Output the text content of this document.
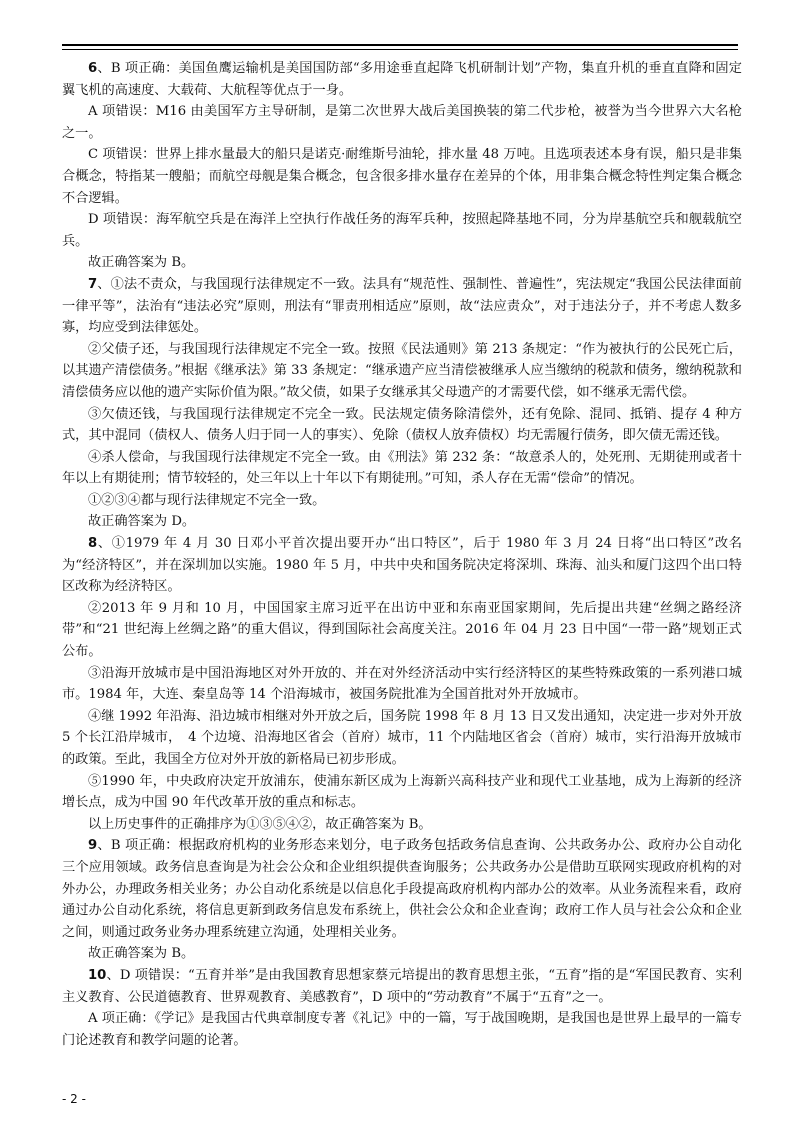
6、B 项正确：美国鱼鹰运输机是美国国防部“多用途垂直起降飞机研制计划”产物，集直升机的垂直直降和固定翼飞机的高速度、大载荷、大航程等优点于一身。

A 项错误：M16 由美国军方主导研制，是第二次世界大战后美国换装的第二代步枪，被誉为当今世界六大名枪之一。

C 项错误：世界上排水量最大的船只是诺克·耐维斯号油轮，排水量 48 万吨。且选项表述本身有误，船只是非集合概念，特指某一艘船；而航空母舰是集合概念，包含很多排水量存在差异的个体，用非集合概念特性判定集合概念不合逻辑。

D 项错误：海军航空兵是在海洋上空执行作战任务的海军兵种，按照起降基地不同，分为岸基航空兵和舰载航空兵。

故正确答案为 B。

7、①法不责众，与我国现行法律规定不一致。法具有“规范性、强制性、普遍性”，宪法规定“我国公民法律面前一律平等”，法治有“违法必究”原则，刑法有“罪责刑相适应”原则，故“法应责众”，对于违法分子，并不考虑人数多寡，均应受到法律惩处。

②父债子还，与我国现行法律规定不完全一致。按照《民法通则》第 213 条规定：“作为被执行的公民死亡后，以其遗产清偿债务。”根据《继承法》第 33 条规定：“继承遗产应当清偿被继承人应当缴纳的税款和债务，缴纳税款和清偿债务应以他的遗产实际价值为限。”故父债，如果子女继承其父母遗产的才需要代偿，如不继承无需代偿。

③欠债还钱，与我国现行法律规定不完全一致。民法规定债务除清偿外，还有免除、混同、抵销、提存 4 种方式，其中混同（债权人、债务人归于同一人的事实）、免除（债权人放弃债权）均无需履行债务，即欠债无需还钱。

④杀人偿命，与我国现行法律规定不完全一致。由《刑法》第 232 条：“故意杀人的，处死刑、无期徒刑或者十年以上有期徒刑；情节较轻的，处三年以上十年以下有期徒刑。”可知，杀人存在无需“偿命”的情况。

①②③④都与现行法律规定不完全一致。

故正确答案为 D。

8、①1979 年 4 月 30 日邓小平首次提出要开办“出口特区”，后于 1980 年 3 月 24 日将“出口特区”改名为“经济特区”，并在深圳加以实施。1980 年 5 月，中共中央和国务院决定将深圳、珠海、汕头和厦门这四个出口特区改称为经济特区。

②2013 年 9 月和 10 月，中国国家主席习近平在出访中亚和东南亚国家期间，先后提出共建“丝绸之路经济带”和“21 世纪海上丝绸之路”的重大倡议，得到国际社会高度关注。2016 年 04 月 23 日中国“一带一路”规划正式公布。

③沿海开放城市是中国沿海地区对外开放的、并在对外经济活动中实行经济特区的某些特殊政策的一系列港口城市。1984 年，大连、秦皇岛等 14 个沿海城市，被国务院批准为全国首批对外开放城市。

④继 1992 年沿海、沿边城市相继对外开放之后，国务院 1998 年 8 月 13 日又发出通知，决定进一步对外开放 5 个长江沿岸城市，　4 个边境、沿海地区省会（首府）城市，11 个内陆地区省会（首府）城市，实行沿海开放城市的政策。至此，我国全方位对外开放的新格局已初步形成。

⑤1990 年，中央政府决定开放浦东，使浦东新区成为上海新兴高科技产业和现代工业基地，成为上海新的经济增长点，成为中国 90 年代改革开放的重点和标志。

以上历史事件的正确排序为①③⑤④②，故正确答案为 B。

9、B 项正确：根据政府机构的业务形态来划分，电子政务包括政务信息查询、公共政务办公、政府办公自动化三个应用领域。政务信息查询是为社会公众和企业组织提供查询服务；公共政务办公是借助互联网实现政府机构的对外办公，办理政务相关业务；办公自动化系统是以信息化手段提高政府机构内部办公的效率。从业务流程来看，政府通过办公自动化系统，将信息更新到政务信息发布系统上，供社会公众和企业查询；政府工作人员与社会公众和企业之间，则通过政务业务办理系统建立沟通，处理相关业务。

故正确答案为 B。

10、D 项错误：“五育并举”是由我国教育思想家蔡元培提出的教育思想主张，“五育”指的是“军国民教育、实利主义教育、公民道德教育、世界观教育、美感教育”，D 项中的“劳动教育”不属于“五育”之一。

A 项正确：《学记》是我国古代典章制度专著《礼记》中的一篇，写于战国晚期，是我国也是世界上最早的一篇专门论述教育和教学问题的论著。

- 2 -
